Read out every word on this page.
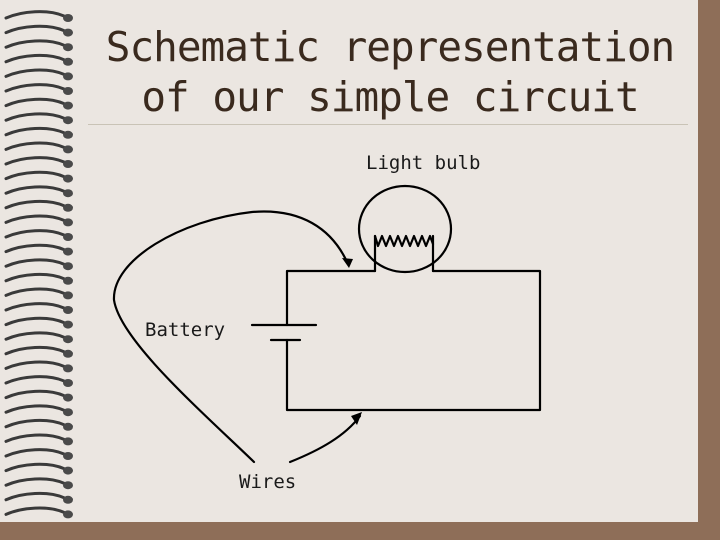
Schematic representation
of our simple circuit
Light bulb
Battery
Wires
